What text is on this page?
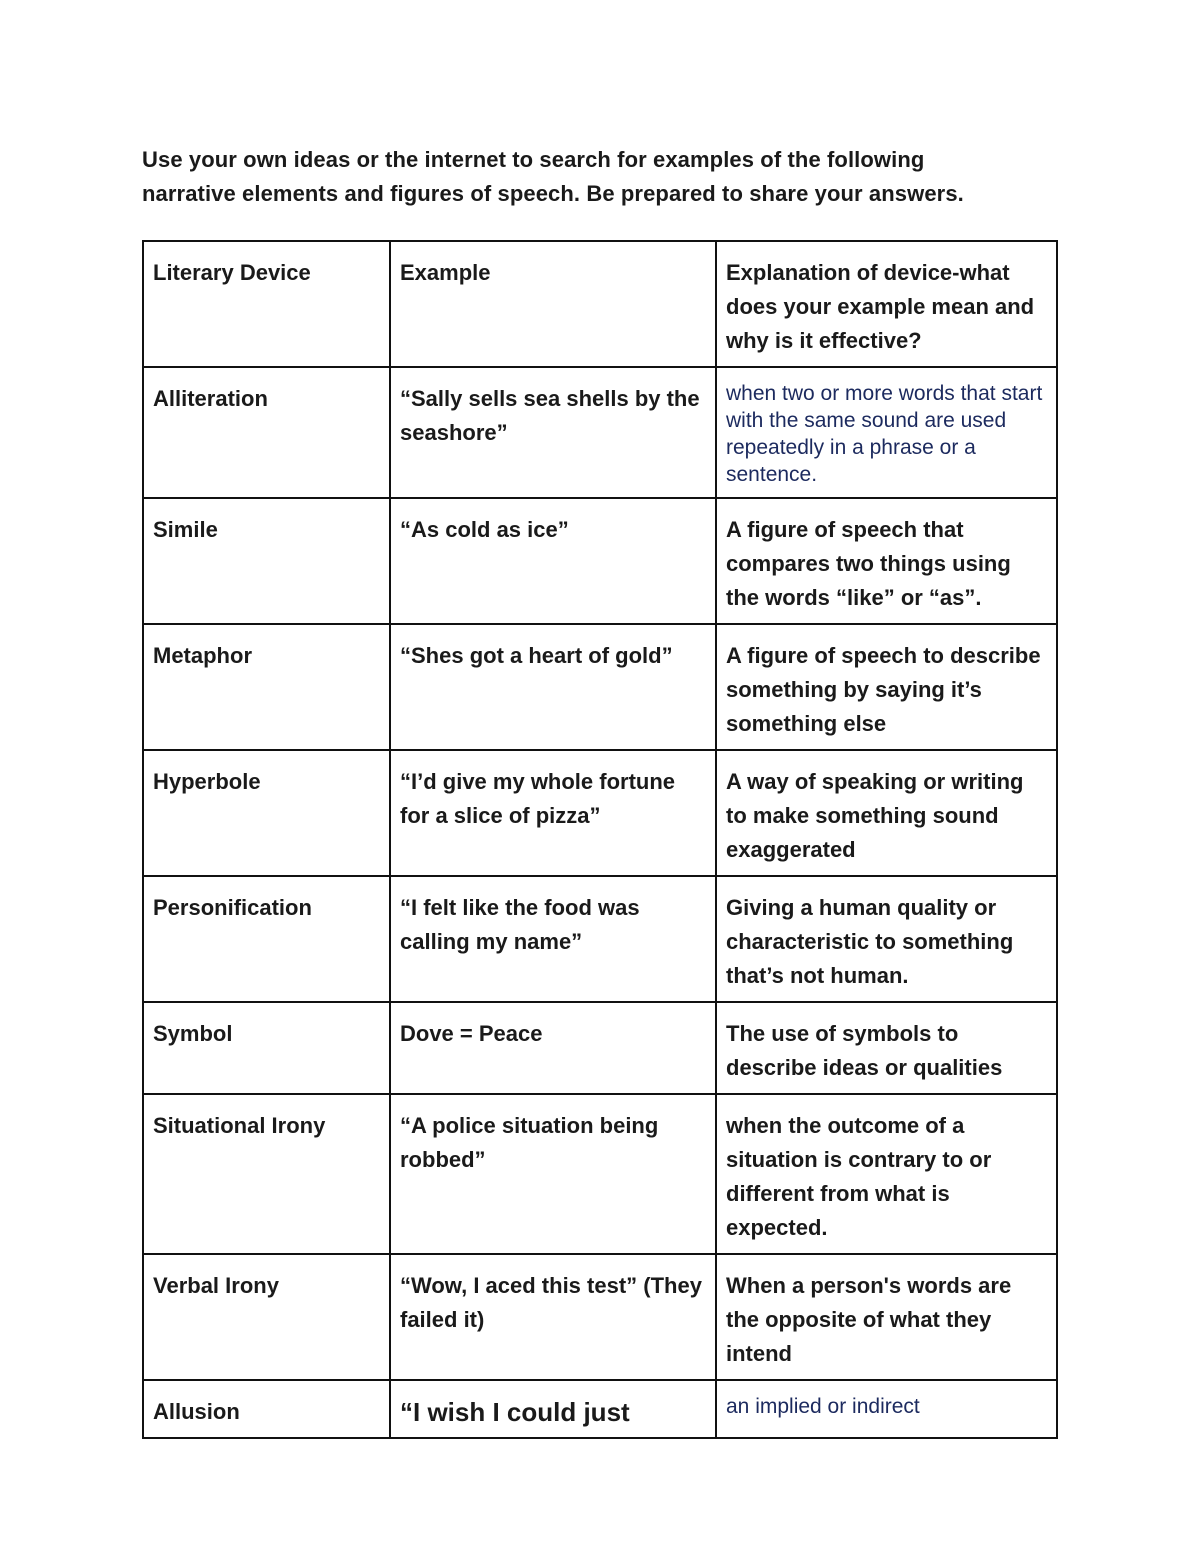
Use your own ideas or the internet to search for examples of the following
narrative elements and figures of speech. Be prepared to share your answers.
Literary Device	Example	Explanation of device-what does your example mean and why is it effective?
Alliteration	“Sally sells sea shells by the seashore”	when two or more words that start with the same sound are used repeatedly in a phrase or a sentence.
Simile	“As cold as ice”	A figure of speech that compares two things using the words “like” or “as”.
Metaphor	“Shes got a heart of gold”	A figure of speech to describe something by saying it’s something else
Hyperbole	“I’d give my whole fortune for a slice of pizza”	A way of speaking or writing to make something sound exaggerated
Personification	“I felt like the food was calling my name”	Giving a human quality or characteristic to something that’s not human.
Symbol	Dove = Peace	The use of symbols to describe ideas or qualities
Situational Irony	“A police situation being robbed”	when the outcome of a situation is contrary to or different from what is expected.
Verbal Irony	“Wow, I aced this test” (They failed it)	When a person's words are the opposite of what they intend
Allusion	“I wish I could just	an implied or indirect
